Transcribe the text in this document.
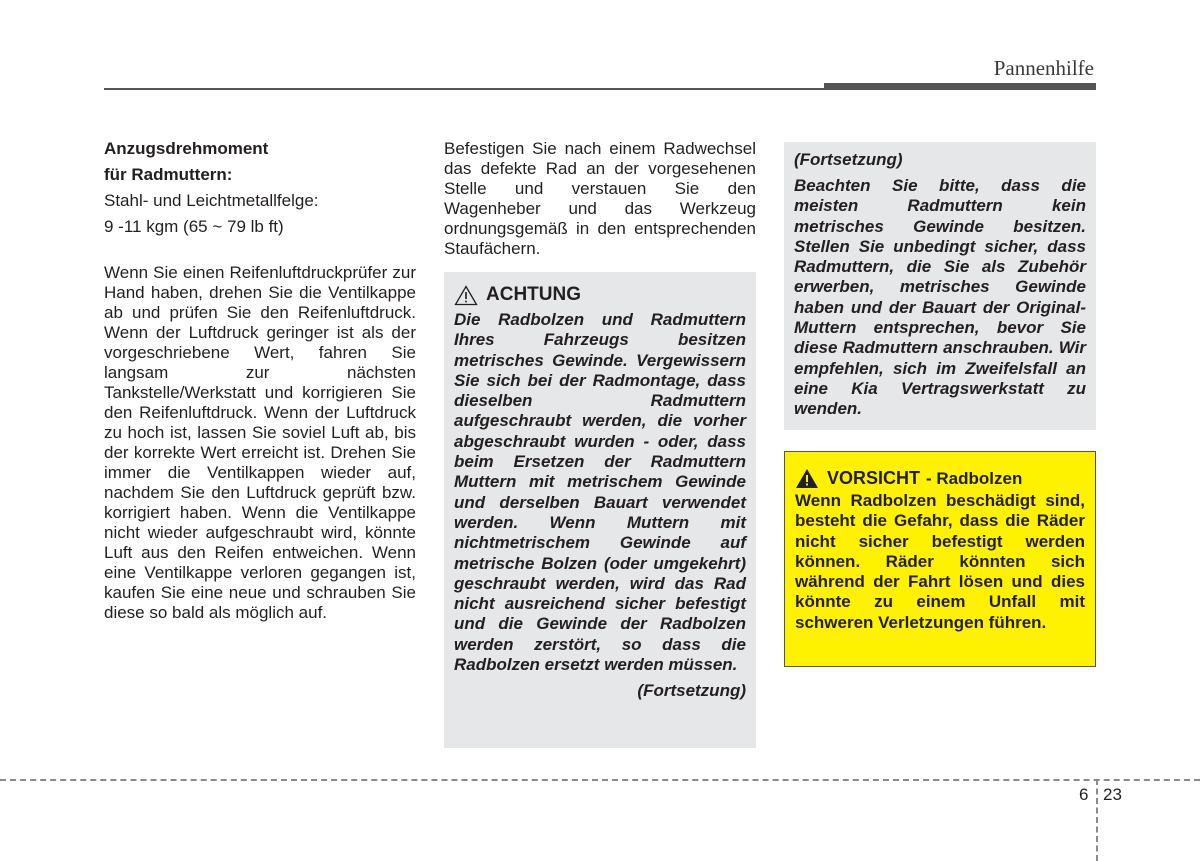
Pannenhilfe

Anzugsdrehmoment

für Radmuttern:

Stahl- und Leichtmetallfelge:

9 -11 kgm (65 ~ 79 lb ft)

Wenn Sie einen Reifenluftdruckprüfer zur Hand haben, drehen Sie die Ventilkappe ab und prüfen Sie den Reifenluftdruck. Wenn der Luftdruck geringer ist als der vorgeschriebene Wert, fahren Sie langsam zur nächsten Tankstelle/Werkstatt und korrigieren Sie den Reifenluftdruck. Wenn der Luftdruck zu hoch ist, lassen Sie soviel Luft ab, bis der korrekte Wert erreicht ist. Drehen Sie immer die Ventilkappen wieder auf, nachdem Sie den Luftdruck geprüft bzw. korrigiert haben. Wenn die Ventilkappe nicht wieder aufgeschraubt wird, könnte Luft aus den Reifen entweichen. Wenn eine Ventilkappe verloren gegangen ist, kaufen Sie eine neue und schrauben Sie diese so bald als möglich auf.

Befestigen Sie nach einem Radwechsel das defekte Rad an der vorgesehenen Stelle und verstauen Sie den Wagenheber und das Werkzeug ordnungsgemäß in den entsprechenden Staufächern.
ACHTUNG
Die Radbolzen und Radmuttern Ihres Fahrzeugs besitzen metrisches Gewinde. Vergewissern Sie sich bei der Radmontage, dass dieselben Radmuttern aufgeschraubt werden, die vorher abgeschraubt wurden - oder, dass beim Ersetzen der Radmuttern Muttern mit metrischem Gewinde und derselben Bauart verwendet werden. Wenn Muttern mit nichtmetrischem Gewinde auf metrische Bolzen (oder umgekehrt) geschraubt werden, wird das Rad nicht ausreichend sicher befestigt und die Gewinde der Radbolzen werden zerstört, so dass die Radbolzen ersetzt werden müssen.
(Fortsetzung)
(Fortsetzung)
Beachten Sie bitte, dass die meisten Radmuttern kein metrisches Gewinde besitzen. Stellen Sie unbedingt sicher, dass Radmuttern, die Sie als Zubehör erwerben, metrisches Gewinde haben und der Bauart der Original-Muttern entsprechen, bevor Sie diese Radmuttern anschrauben. Wir empfehlen, sich im Zweifelsfall an eine Kia Vertragswerkstatt zu wenden.
VORSICHT - Radbolzen
Wenn Radbolzen beschädigt sind, besteht die Gefahr, dass die Räder nicht sicher befestigt werden können. Räder könnten sich während der Fahrt lösen und dies könnte zu einem Unfall mit schweren Verletzungen führen.
6 23
